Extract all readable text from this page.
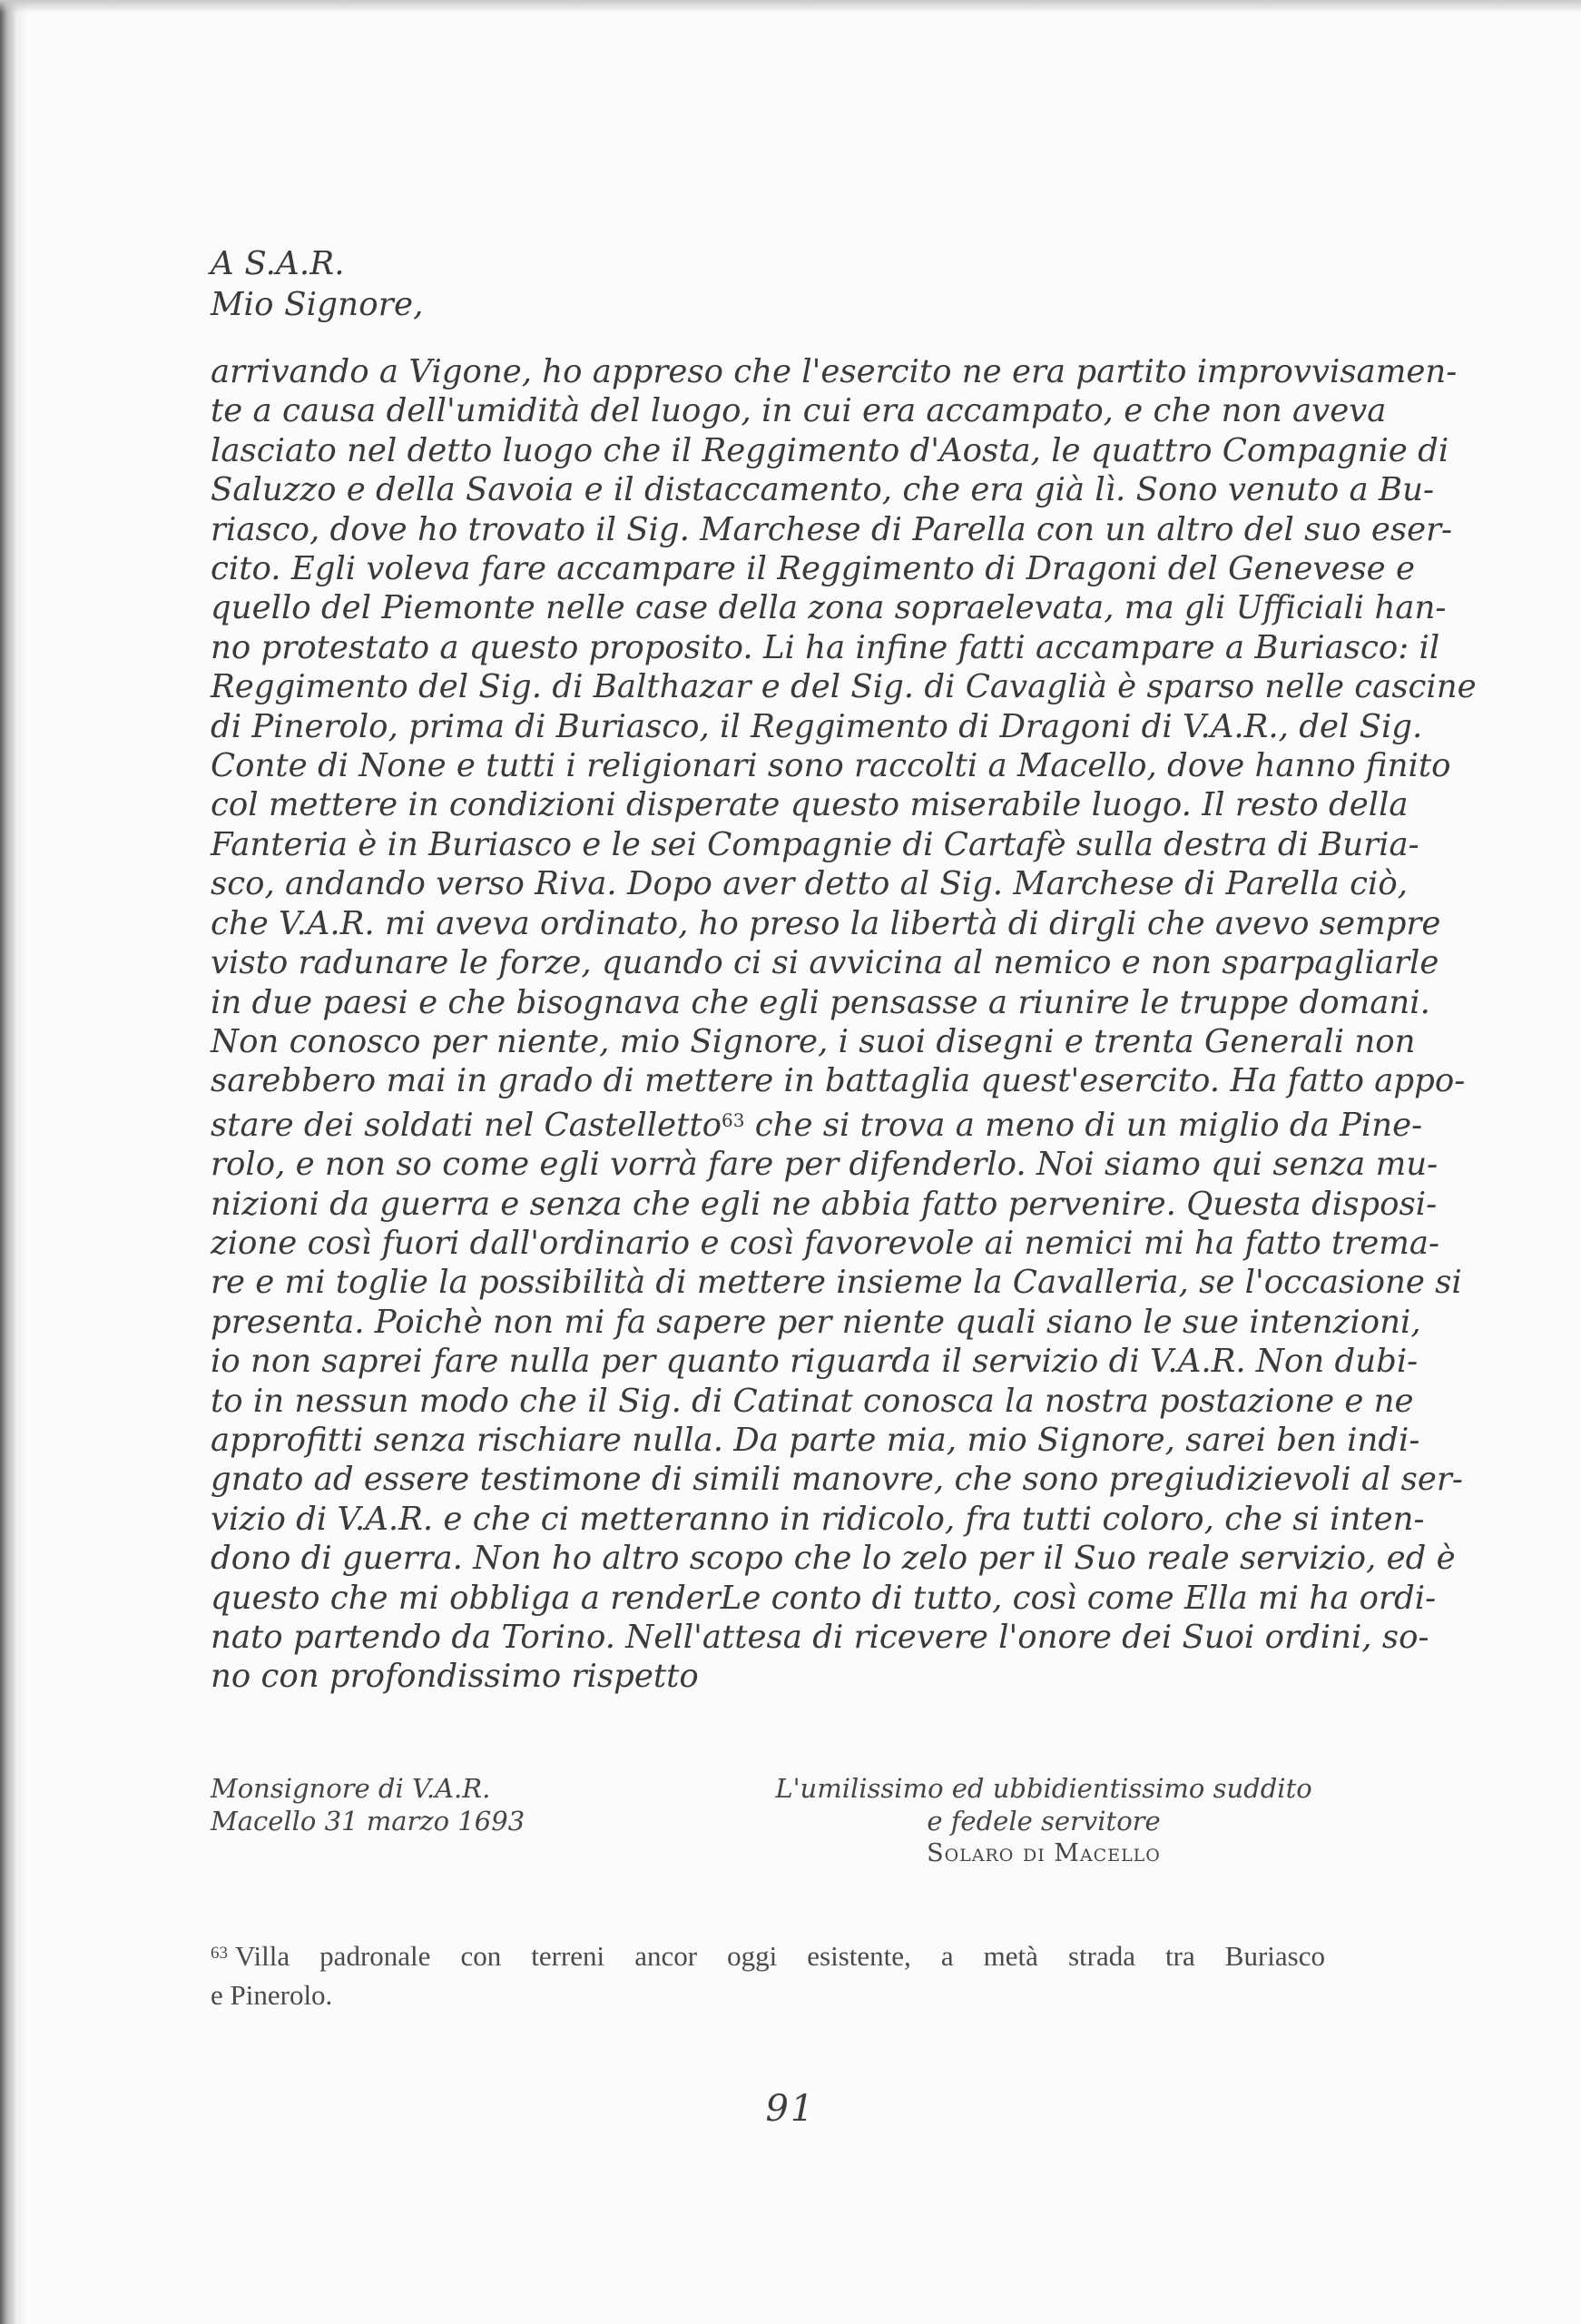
A S.A.R.
Mio Signore,
arrivando a Vigone, ho appreso che l'esercito ne era partito improvvisamen-
te a causa dell'umidità del luogo, in cui era accampato, e che non aveva
lasciato nel detto luogo che il Reggimento d'Aosta, le quattro Compagnie di
Saluzzo e della Savoia e il distaccamento, che era già lì. Sono venuto a Bu-
riasco, dove ho trovato il Sig. Marchese di Parella con un altro del suo eser-
cito. Egli voleva fare accampare il Reggimento di Dragoni del Genevese e
quello del Piemonte nelle case della zona sopraelevata, ma gli Ufficiali han-
no protestato a questo proposito. Li ha infine fatti accampare a Buriasco: il
Reggimento del Sig. di Balthazar e del Sig. di Cavaglià è sparso nelle cascine
di Pinerolo, prima di Buriasco, il Reggimento di Dragoni di V.A.R., del Sig.
Conte di None e tutti i religionari sono raccolti a Macello, dove hanno finito
col mettere in condizioni disperate questo miserabile luogo. Il resto della
Fanteria è in Buriasco e le sei Compagnie di Cartafè sulla destra di Buria-
sco, andando verso Riva. Dopo aver detto al Sig. Marchese di Parella ciò,
che V.A.R. mi aveva ordinato, ho preso la libertà di dirgli che avevo sempre
visto radunare le forze, quando ci si avvicina al nemico e non sparpagliarle
in due paesi e che bisognava che egli pensasse a riunire le truppe domani.
Non conosco per niente, mio Signore, i suoi disegni e trenta Generali non
sarebbero mai in grado di mettere in battaglia quest'esercito. Ha fatto appo-
stare dei soldati nel Castelletto$^{63}$ che si trova a meno di un miglio da Pine-
rolo, e non so come egli vorrà fare per difenderlo. Noi siamo qui senza mu-
nizioni da guerra e senza che egli ne abbia fatto pervenire. Questa disposi-
zione così fuori dall'ordinario e così favorevole ai nemici mi ha fatto trema-
re e mi toglie la possibilità di mettere insieme la Cavalleria, se l'occasione si
presenta. Poichè non mi fa sapere per niente quali siano le sue intenzioni,
io non saprei fare nulla per quanto riguarda il servizio di V.A.R. Non dubi-
to in nessun modo che il Sig. di Catinat conosca la nostra postazione e ne
approfitti senza rischiare nulla. Da parte mia, mio Signore, sarei ben indi-
gnato ad essere testimone di simili manovre, che sono pregiudizievoli al ser-
vizio di V.A.R. e che ci metteranno in ridicolo, fra tutti coloro, che si inten-
dono di guerra. Non ho altro scopo che lo zelo per il Suo reale servizio, ed è
questo che mi obbliga a renderLe conto di tutto, così come Ella mi ha ordi-
nato partendo da Torino. Nell'attesa di ricevere l'onore dei Suoi ordini, so-
no con profondissimo rispetto
Monsignore di V.A.R.
Macello 31 marzo 1693
L'umilissimo ed ubbidientissimo suddito
e fedele servitore
Solaro di Macello
$^{63}$ Villa padronale con terreni ancor oggi esistente, a metà strada tra Buriasco
e Pinerolo.
91
